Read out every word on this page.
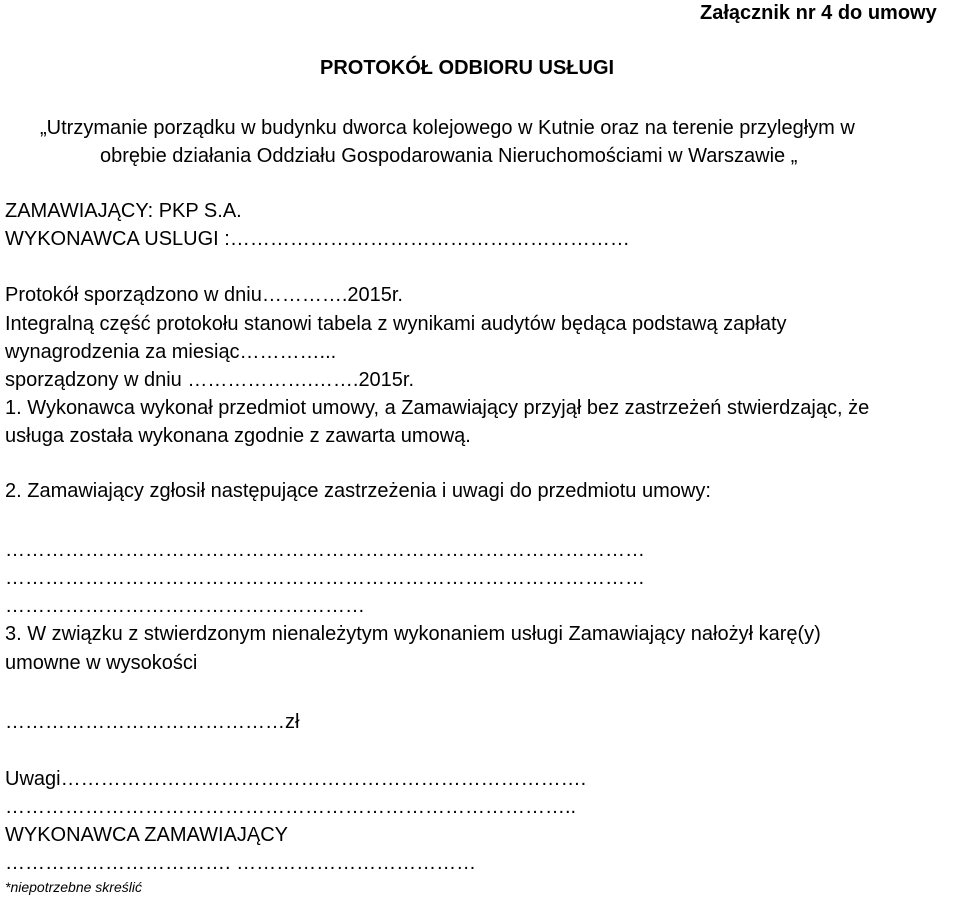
Załącznik nr 4 do umowy
PROTOKÓŁ ODBIORU USŁUGI
„Utrzymanie porządku w budynku dworca kolejowego w Kutnie oraz na terenie przyległym w
obrębie działania Oddziału Gospodarowania Nieruchomościami w Warszawie „
ZAMAWIAJĄCY: PKP S.A.
WYKONAWCA USLUGI :……………………………………………………
Protokół sporządzono w dniu………….2015r.
Integralną część protokołu stanowi tabela z wynikami audytów będąca podstawą zapłaty
wynagrodzenia za miesiąc…………...
sporządzony w dniu ……………….…….2015r.
1. Wykonawca wykonał przedmiot umowy, a Zamawiający przyjął bez zastrzeżeń stwierdzając, że
usługa została wykonana zgodnie z zawarta umową.
2. Zamawiający zgłosił następujące zastrzeżenia i uwagi do przedmiotu umowy:
……………………………………………………………………………………
……………………………………………………………………………………
………………………………………………
3. W związku z stwierdzonym nienależytym wykonaniem usługi Zamawiający nałożył karę(y)
umowne w wysokości
……………………………………zł
Uwagi…………………………………………………………………….
…………………………………………………………………………..
WYKONAWCA ZAMAWIAJĄCY
……………………………. ………………………………
*niepotrzebne skreślić
